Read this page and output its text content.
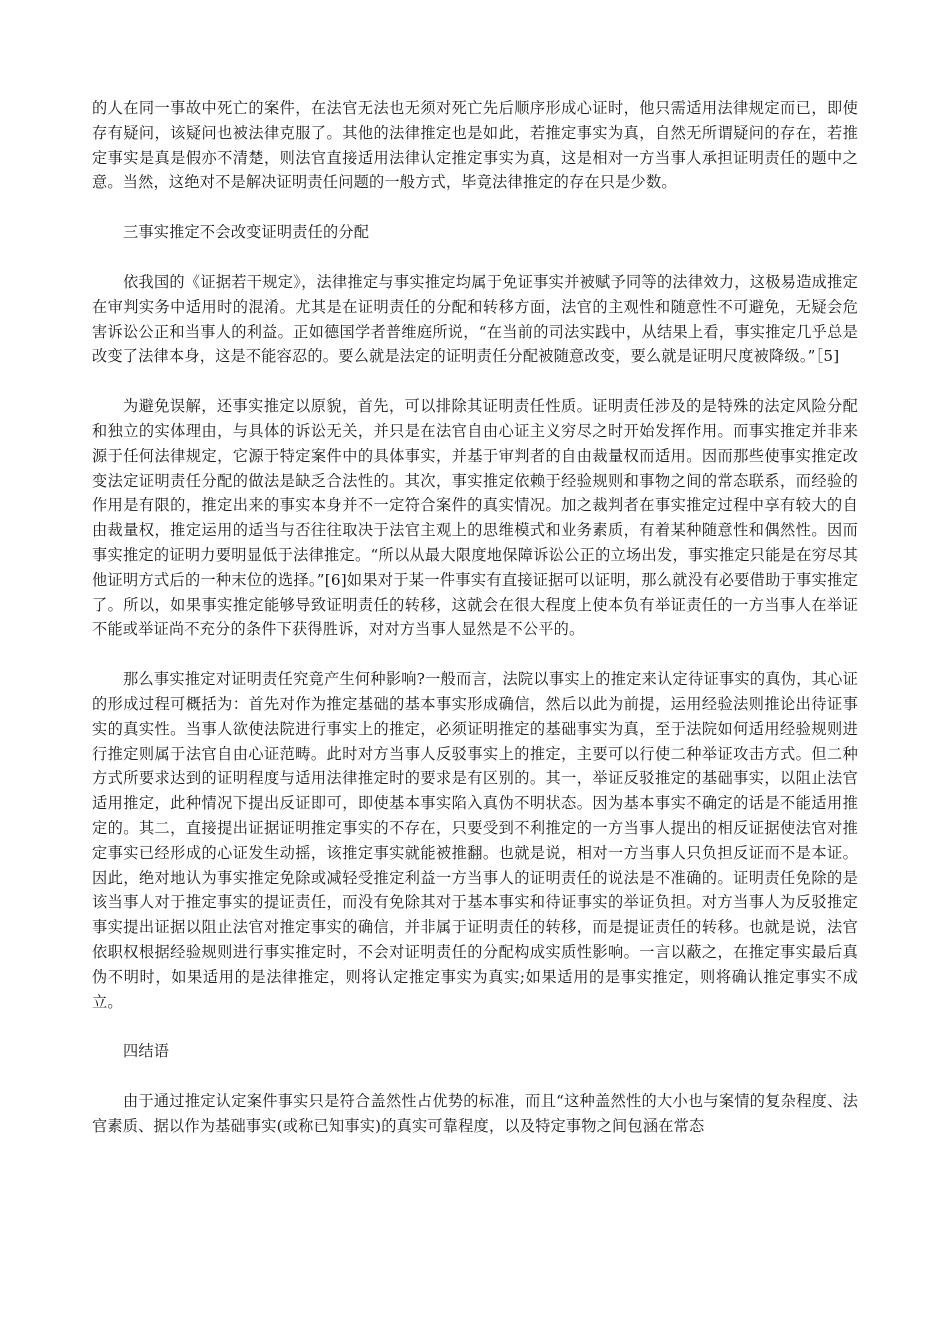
的人在同一事故中死亡的案件，在法官无法也无须对死亡先后顺序形成心证时，他只需适用法律规定而已，即使存有疑问，该疑问也被法律克服了。其他的法律推定也是如此，若推定事实为真，自然无所谓疑问的存在，若推定事实是真是假亦不清楚，则法官直接适用法律认定推定事实为真，这是相对一方当事人承担证明责任的题中之意。当然，这绝对不是解决证明责任问题的一般方式，毕竟法律推定的存在只是少数。

三事实推定不会改变证明责任的分配

依我国的《证据若干规定》，法律推定与事实推定均属于免证事实并被赋予同等的法律效力，这极易造成推定在审判实务中适用时的混淆。尤其是在证明责任的分配和转移方面，法官的主观性和随意性不可避免，无疑会危害诉讼公正和当事人的利益。正如德国学者普维庭所说，“在当前的司法实践中，从结果上看，事实推定几乎总是改变了法律本身，这是不能容忍的。要么就是法定的证明责任分配被随意改变，要么就是证明尺度被降级。”［5]

为避免误解，还事实推定以原貌，首先，可以排除其证明责任性质。证明责任涉及的是特殊的法定风险分配和独立的实体理由，与具体的诉讼无关，并只是在法官自由心证主义穷尽之时开始发挥作用。而事实推定并非来源于任何法律规定，它源于特定案件中的具体事实，并基于审判者的自由裁量权而适用。因而那些使事实推定改变法定证明责任分配的做法是缺乏合法性的。其次，事实推定依赖于经验规则和事物之间的常态联系，而经验的作用是有限的，推定出来的事实本身并不一定符合案件的真实情况。加之裁判者在事实推定过程中享有较大的自由裁量权，推定运用的适当与否往往取决于法官主观上的思维模式和业务素质，有着某种随意性和偶然性。因而事实推定的证明力要明显低于法律推定。“所以从最大限度地保障诉讼公正的立场出发，事实推定只能是在穷尽其他证明方式后的一种末位的选择。”[6]如果对于某一件事实有直接证据可以证明，那么就没有必要借助于事实推定了。所以，如果事实推定能够导致证明责任的转移，这就会在很大程度上使本负有举证责任的一方当事人在举证不能或举证尚不充分的条件下获得胜诉，对对方当事人显然是不公平的。

那么事实推定对证明责任究竟产生何种影响?一般而言，法院以事实上的推定来认定待证事实的真伪，其心证的形成过程可概括为：首先对作为推定基础的基本事实形成确信，然后以此为前提，运用经验法则推论出待证事实的真实性。当事人欲使法院进行事实上的推定，必须证明推定的基础事实为真，至于法院如何适用经验规则进行推定则属于法官自由心证范畴。此时对方当事人反驳事实上的推定，主要可以行使二种举证攻击方式。但二种方式所要求达到的证明程度与适用法律推定时的要求是有区别的。其一，举证反驳推定的基础事实，以阻止法官适用推定，此种情况下提出反证即可，即使基本事实陷入真伪不明状态。因为基本事实不确定的话是不能适用推定的。其二，直接提出证据证明推定事实的不存在，只要受到不利推定的一方当事人提出的相反证据使法官对推定事实已经形成的心证发生动摇，该推定事实就能被推翻。也就是说，相对一方当事人只负担反证而不是本证。因此，绝对地认为事实推定免除或减轻受推定利益一方当事人的证明责任的说法是不准确的。证明责任免除的是该当事人对于推定事实的提证责任，而没有免除其对于基本事实和待证事实的举证负担。对方当事人为反驳推定事实提出证据以阻止法官对推定事实的确信，并非属于证明责任的转移，而是提证责任的转移。也就是说，法官依职权根据经验规则进行事实推定时，不会对证明责任的分配构成实质性影响。一言以蔽之，在推定事实最后真伪不明时，如果适用的是法律推定，则将认定推定事实为真实;如果适用的是事实推定，则将确认推定事实不成立。

四结语

由于通过推定认定案件事实只是符合盖然性占优势的标准，而且“这种盖然性的大小也与案情的复杂程度、法官素质、据以作为基础事实(或称已知事实)的真实可靠程度，以及特定事物之间包涵在常态
